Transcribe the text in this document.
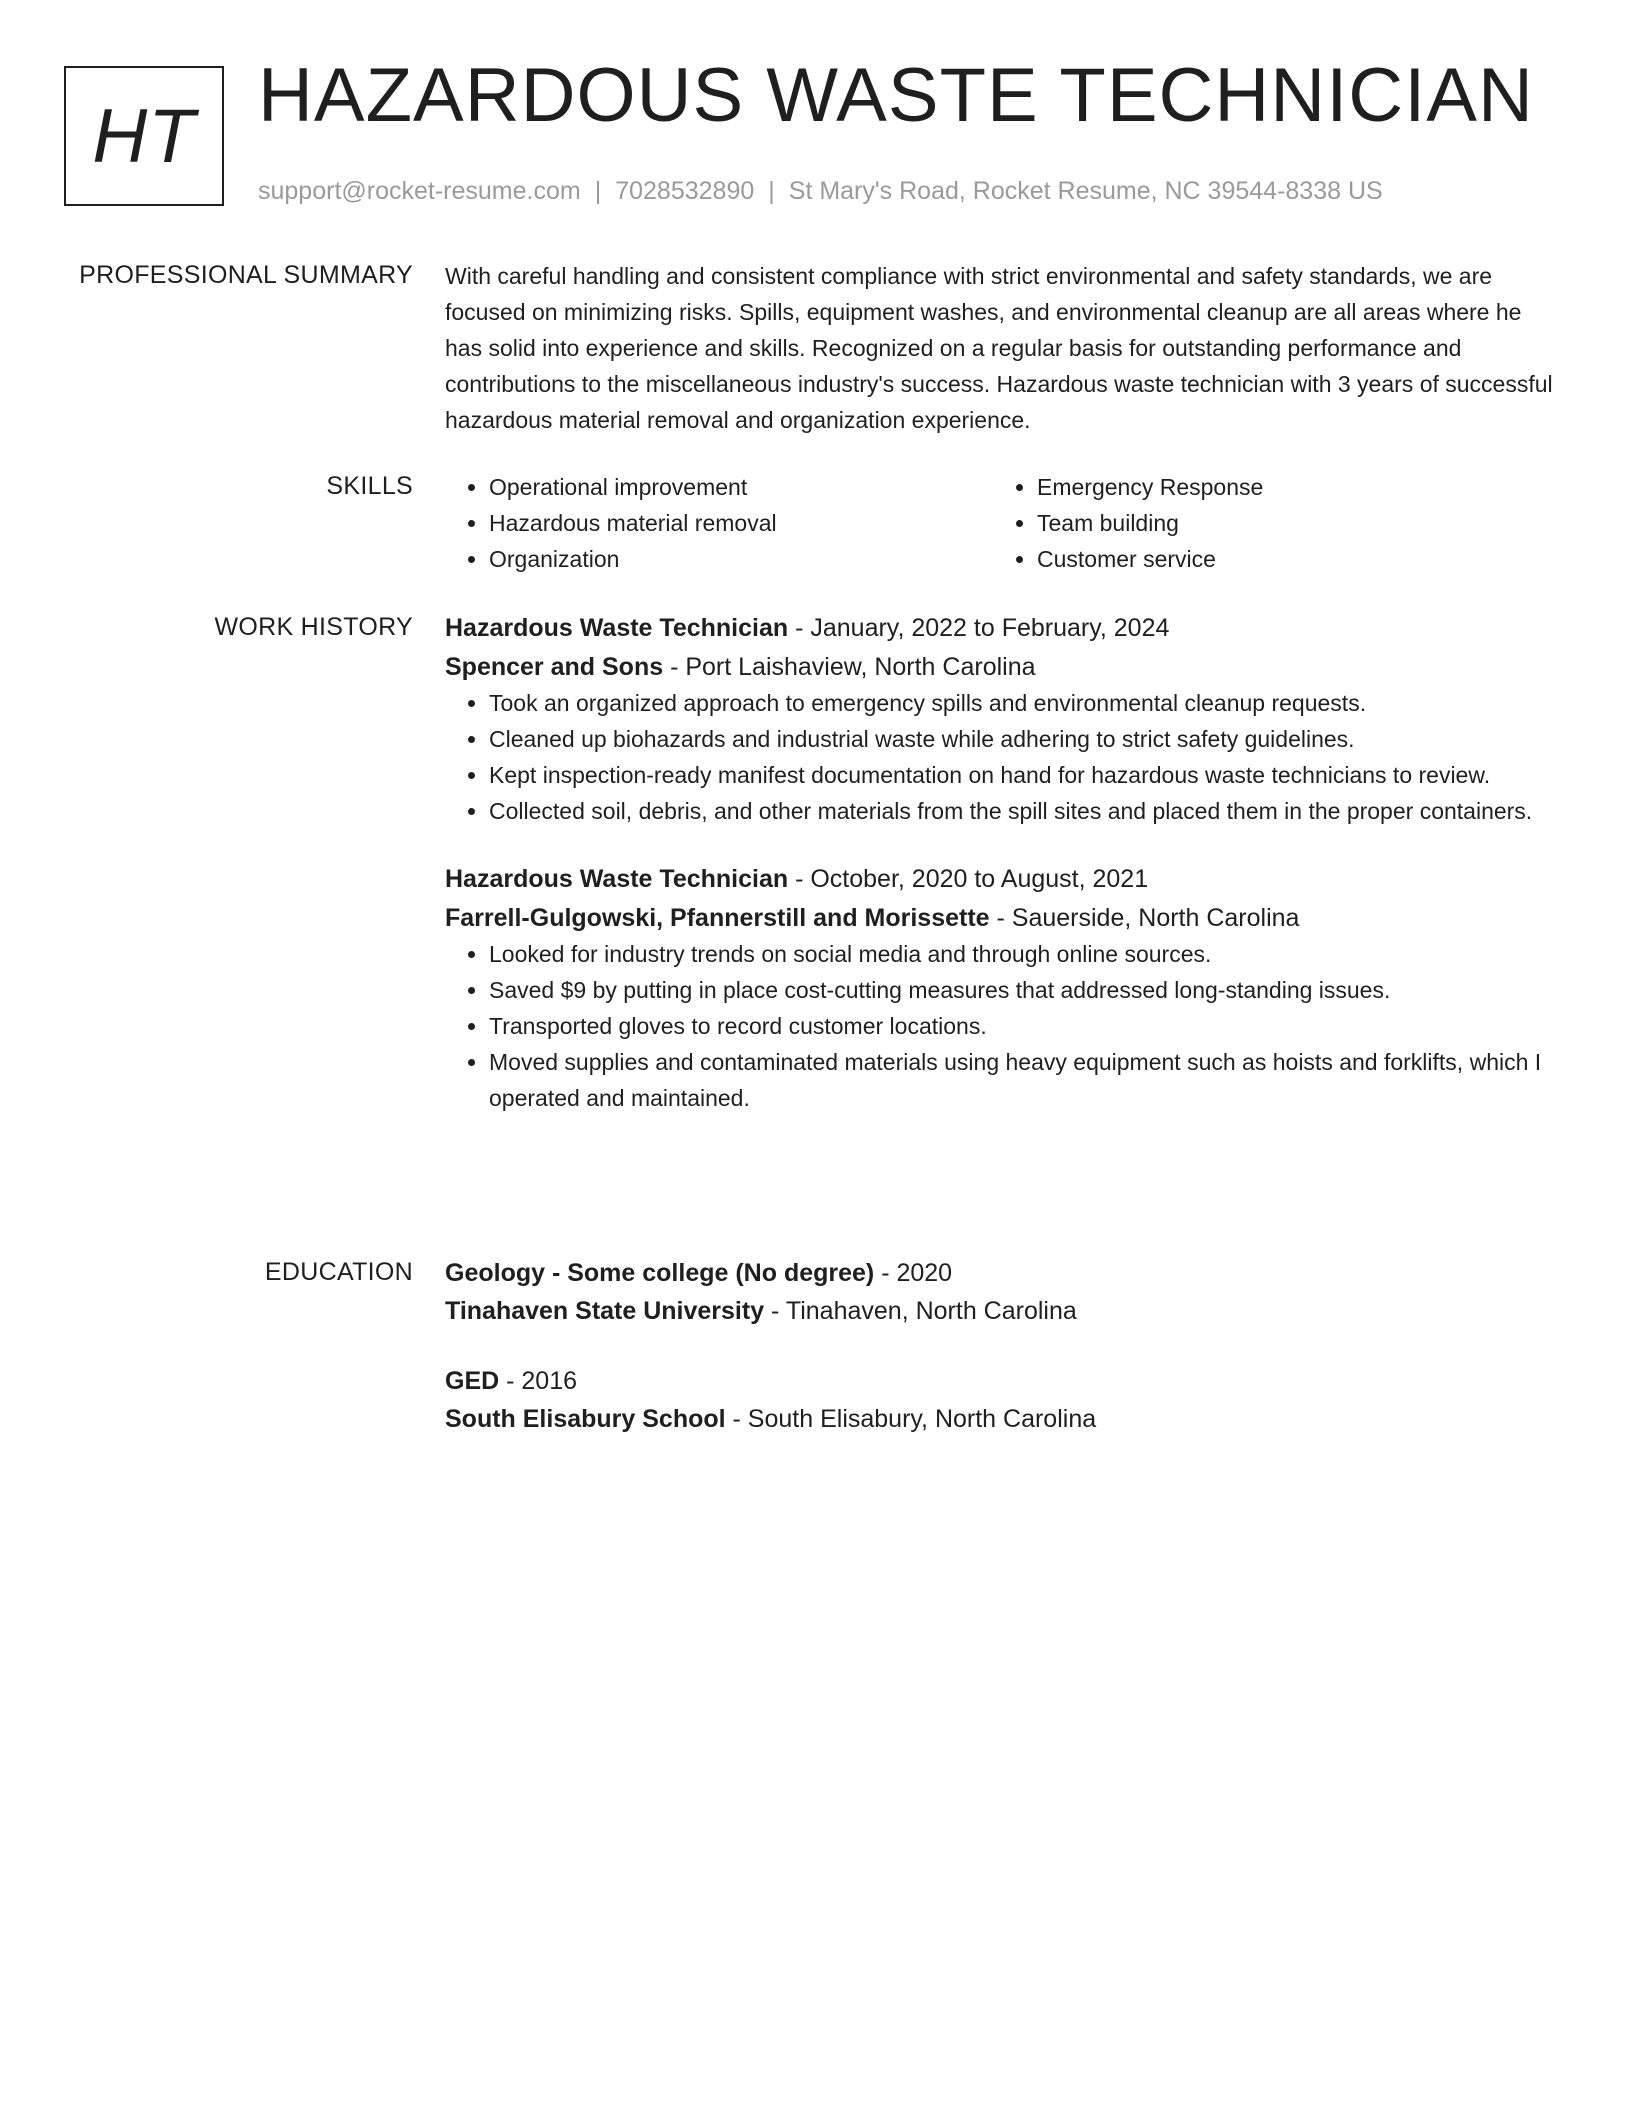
HT HAZARDOUS WASTE TECHNICIAN
support@rocket-resume.com | 7028532890 | St Mary's Road, Rocket Resume, NC 39544-8338 US
PROFESSIONAL SUMMARY With careful handling and consistent compliance with strict environmental and safety standards, we are focused on minimizing risks. Spills, equipment washes, and environmental cleanup are all areas where he has solid into experience and skills. Recognized on a regular basis for outstanding performance and contributions to the miscellaneous industry's success. Hazardous waste technician with 3 years of successful hazardous material removal and organization experience.

SKILLS
•	Operational improvement
• Hazardous material removal
• Organization
• Emergency Response
• Team building
• Customer service
WORK HISTORY Hazardous Waste Technician - January, 2022 to February, 2024
Spencer and Sons - Port Laishaview, North Carolina
• Took an organized approach to emergency spills and environmental cleanup requests.
• Cleaned up biohazards and industrial waste while adhering to strict safety guidelines.
• Kept inspection-ready manifest documentation on hand for hazardous waste technicians to review.
• Collected soil, debris, and other materials from the spill sites and placed them in the proper containers.
Hazardous Waste Technician - October, 2020 to August, 2021
Farrell-Gulgowski, Pfannerstill and Morissette - Sauerside, North Carolina
• Looked for industry trends on social media and through online sources.
• Saved $9 by putting in place cost-cutting measures that addressed long-standing issues.
• Transported gloves to record customer locations.
• Moved supplies and contaminated materials using heavy equipment such as hoists and forklifts, which I operated and maintained.
EDUCATION Geology - Some college (No degree) - 2020
Tinahaven State University - Tinahaven, North Carolina
GED - 2016
South Elisabury School - South Elisabury, North Carolina
